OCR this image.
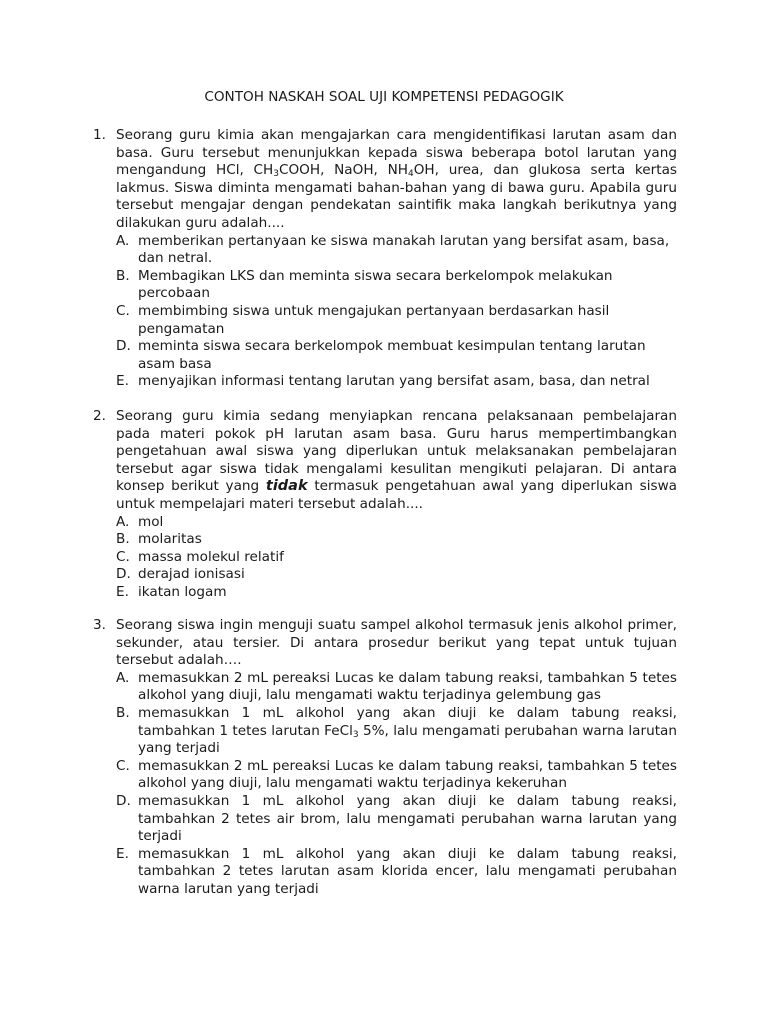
CONTOH NASKAH SOAL UJI KOMPETENSI PEDAGOGIK
1. Seorang guru kimia akan mengajarkan cara mengidentifikasi larutan asam dan basa. Guru tersebut menunjukkan kepada siswa beberapa botol larutan yang mengandung HCl, $CH_3COOH$, NaOH, $NH_4OH$, urea, dan glukosa serta kertas lakmus. Siswa diminta mengamati bahan-bahan yang di bawa guru. Apabila guru tersebut mengajar dengan pendekatan saintifik maka langkah berikutnya yang dilakukan guru adalah....
A. memberikan pertanyaan ke siswa manakah larutan yang bersifat asam, basa, dan netral.
B. Membagikan LKS dan meminta siswa secara berkelompok melakukan percobaan
C. membimbing siswa untuk mengajukan pertanyaan berdasarkan hasil pengamatan
D. meminta siswa secara berkelompok membuat kesimpulan tentang larutan asam basa
E. menyajikan informasi tentang larutan yang bersifat asam, basa, dan netral
2. Seorang guru kimia sedang menyiapkan rencana pelaksanaan pembelajaran pada materi pokok pH larutan asam basa. Guru harus mempertimbangkan pengetahuan awal siswa yang diperlukan untuk melaksanakan pembelajaran tersebut agar siswa tidak mengalami kesulitan mengikuti pelajaran. Di antara konsep berikut yang tidak termasuk pengetahuan awal yang diperlukan siswa untuk mempelajari materi tersebut adalah....
A. mol
B. molaritas
C. massa molekul relatif
D. derajad ionisasi
E. ikatan logam
3. Seorang siswa ingin menguji suatu sampel alkohol termasuk jenis alkohol primer, sekunder, atau tersier. Di antara prosedur berikut yang tepat untuk tujuan tersebut adalah….
A. memasukkan 2 mL pereaksi Lucas ke dalam tabung reaksi, tambahkan 5 tetes alkohol yang diuji, lalu mengamati waktu terjadinya gelembung gas
B. memasukkan 1 mL alkohol yang akan diuji ke dalam tabung reaksi, tambahkan 1 tetes larutan FeCl$_3$ 5%, lalu mengamati perubahan warna larutan yang terjadi
C. memasukkan 2 mL pereaksi Lucas ke dalam tabung reaksi, tambahkan 5 tetes alkohol yang diuji, lalu mengamati waktu terjadinya kekeruhan
D. memasukkan 1 mL alkohol yang akan diuji ke dalam tabung reaksi, tambahkan 2 tetes air brom, lalu mengamati perubahan warna larutan yang terjadi
E. memasukkan 1 mL alkohol yang akan diuji ke dalam tabung reaksi, tambahkan 2 tetes larutan asam klorida encer, lalu mengamati perubahan warna larutan yang terjadi
